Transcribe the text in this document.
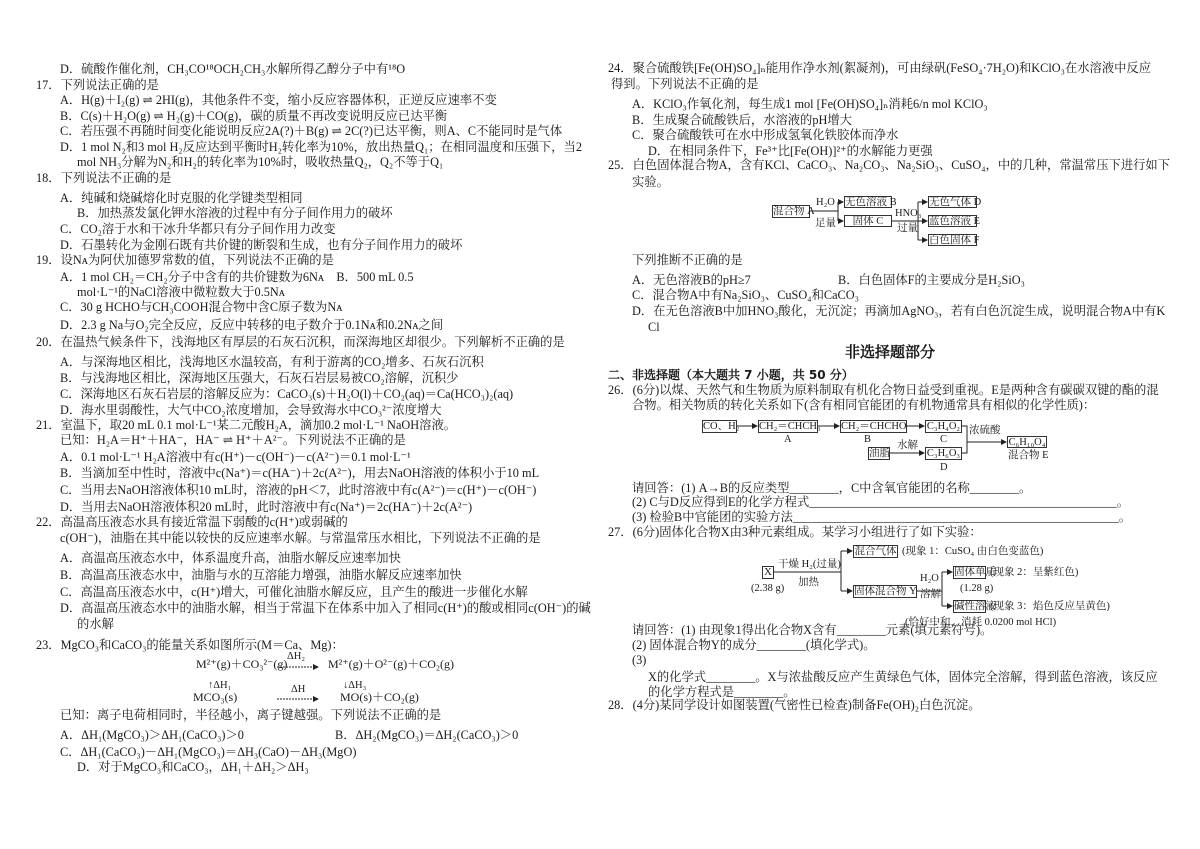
D．硫酸作催化剂，CH₃CO¹⁸OCH₂CH₃水解所得乙醇分子中有¹⁸O
17．下列说法正确的是
A．H(g)＋I₂(g) ⇌ 2HI(g)，其他条件不变，缩小反应容器体积，正逆反应速率不变
B．C(s)＋H₂O(g) ⇌ H₂(g)＋CO(g)，碳的质量不再改变说明反应已达平衡
C．若压强不再随时间变化能说明反应2A(?)＋B(g) ⇌ 2C(?)已达平衡，则A、C不能同时是气体
D．1 mol N₂和3 mol H₂反应达到平衡时H₂转化率为10%，放出热量Q₁；在相同温度和压强下，当2
mol NH₃分解为N₂和H₂的转化率为10%时，吸收热量Q₂，Q₂不等于Q₁
18．下列说法不正确的是
A．纯碱和烧碱熔化时克服的化学键类型相同
B．加热蒸发氯化钾水溶液的过程中有分子间作用力的破坏
C．CO₂溶于水和干冰升华都只有分子间作用力改变
D．石墨转化为金刚石既有共价键的断裂和生成，也有分子间作用力的破坏
19．设Nᴀ为阿伏加德罗常数的值，下列说法不正确的是
A．1 mol CH₂＝CH₂分子中含有的共价键数为6Nᴀ　B．500 mL 0.5
mol·L⁻¹的NaCl溶液中微粒数大于0.5Nᴀ
C．30 g HCHO与CH₃COOH混合物中含C原子数为Nᴀ
D．2.3 g Na与O₂完全反应，反应中转移的电子数介于0.1Nᴀ和0.2Nᴀ之间
20．在温热气候条件下，浅海地区有厚层的石灰石沉积，而深海地区却很少。下列解析不正确的是
A．与深海地区相比，浅海地区水温较高，有利于游离的CO₂增多、石灰石沉积
B．与浅海地区相比，深海地区压强大，石灰石岩层易被CO₂溶解，沉积少
C．深海地区石灰石岩层的溶解反应为：CaCO₃(s)＋H₂O(l)＋CO₂(aq)＝Ca(HCO₃)₂(aq)
D．海水里弱酸性，大气中CO₂浓度增加，会导致海水中CO₃²⁻浓度增大
21．室温下，取20 mL 0.1 mol·L⁻¹某二元酸H₂A，滴加0.2 mol·L⁻¹ NaOH溶液。
已知：H₂A＝H⁺＋HA⁻，HA⁻ ⇌ H⁺＋A²⁻。下列说法不正确的是
A．0.1 mol·L⁻¹ H₂A溶液中有c(H⁺)－c(OH⁻)－c(A²⁻)＝0.1 mol·L⁻¹
B．当滴加至中性时，溶液中c(Na⁺)＝c(HA⁻)＋2c(A²⁻)，用去NaOH溶液的体积小于10 mL
C．当用去NaOH溶液体积10 mL时，溶液的pH＜7，此时溶液中有c(A²⁻)＝c(H⁺)－c(OH⁻)
D．当用去NaOH溶液体积20 mL时，此时溶液中有c(Na⁺)＝2c(HA⁻)＋2c(A²⁻)
22．高温高压液态水具有接近常温下弱酸的c(H⁺)或弱碱的
c(OH⁻)，油脂在其中能以较快的反应速率水解。与常温常压水相比，下列说法不正确的是
A．高温高压液态水中，体系温度升高，油脂水解反应速率加快
B．高温高压液态水中，油脂与水的互溶能力增强，油脂水解反应速率加快
C．高温高压液态水中，c(H⁺)增大，可催化油脂水解反应，且产生的酸进一步催化水解
D．高温高压液态水中的油脂水解，相当于常温下在体系中加入了相同c(H⁺)的酸或相同c(OH⁻)的碱
的水解
23．MgCO₃和CaCO₃的能量关系如图所示(M＝Ca、Mg)：
M²⁺(g)＋CO₃²⁻(g)
ΔH₂
M²⁺(g)＋O²⁻(g)＋CO₂(g)
↑ΔH₁
MCO₃(s)
ΔH	↓ΔH₃
MO(s)＋CO₂(g)
已知：离子电荷相同时，半径越小，离子键越强。下列说法不正确的是
A．ΔH₁(MgCO₃)＞ΔH₁(CaCO₃)＞0	B．ΔH₂(MgCO₃)＝ΔH₂(CaCO₃)＞0
C．ΔH₁(CaCO₃)－ΔH₁(MgCO₃)＝ΔH₃(CaO)－ΔH₃(MgO)
D．对于MgCO₃和CaCO₃，ΔH₁＋ΔH₂＞ΔH₃
24．聚合硫酸铁[Fe(OH)SO₄]ₙ能用作净水剂(絮凝剂)，可由绿矾(FeSO₄·7H₂O)和KClO₃在水溶液中反应
得到。下列说法不正确的是
A．KClO₃作氧化剂，每生成1 mol [Fe(OH)SO₄]ₙ消耗6/n mol KClO₃
B．生成聚合硫酸铁后，水溶液的pH增大
C．聚合硫酸铁可在水中形成氢氧化铁胶体而净水
D．在相同条件下，Fe³⁺比[Fe(OH)]²⁺的水解能力更强
25．白色固体混合物A，含有KCl、CaCO₃、Na₂CO₃、Na₂SiO₃、CuSO₄，中的几种，常温常压下进行如下
实验。
混合物 A
H₂O
足量
无色溶液 B
固体 C
HNO₃
过量
无色气体 D
蓝色溶液 E
白色固体 F
下列推断不正确的是
A．无色溶液B的pH≥7	B．白色固体F的主要成分是H₂SiO₃
C．混合物A中有Na₂SiO₃、CuSO₄和CaCO₃
D．在无色溶液B中加HNO₃酸化，无沉淀；再滴加AgNO₃，若有白色沉淀生成，说明混合物A中有K
Cl
非选择题部分
二、非选择题（本大题共 7 小题，共 50 分）
26．(6分)以煤、天然气和生物质为原料制取有机化合物日益受到重视。E是两种含有碳碳双键的酯的混
合物。相关物质的转化关系如下(含有相同官能团的有机物通常具有相似的化学性质)：
CO、H₂ CH₂＝CHCH₃
A
CH₂＝CHCHO
B
C₃H₄O₂
C
油脂
水解
C₃H₆O₃
D
浓硫酸
C₆H₁₀O₄
混合物 E
请回答：(1) A→B的反应类型________，C中含氧官能团的名称________。
(2) C与D反应得到E的化学方程式__________________________________________________。
(3) 检验B中官能团的实验方法_____________________________________________________。
27．(6分)固体化合物X由3种元素组成。某学习小组进行了如下实验：
X
(2.38 g)
干燥 H₂(过量)
加热
混合气体 (现象 1：CuSO₄ 由白色变蓝色)
固体混合物 Y
H₂O
溶解
固体单质
(现象 2：呈紫红色)
(1.28 g)
碱性溶液
(现象 3：焰色反应呈黄色)
(恰好中和，消耗 0.0200 mol HCl)
请回答：(1) 由现象1得出化合物X含有________元素(填元素符号)。
(2) 固体混合物Y的成分________(填化学式)。
(3)
X的化学式________。X与浓盐酸反应产生黄绿色气体，固体完全溶解，得到蓝色溶液，该反应
的化学方程式是________。
28．(4分)某同学设计如图装置(气密性已检查)制备Fe(OH)₂白色沉淀。
